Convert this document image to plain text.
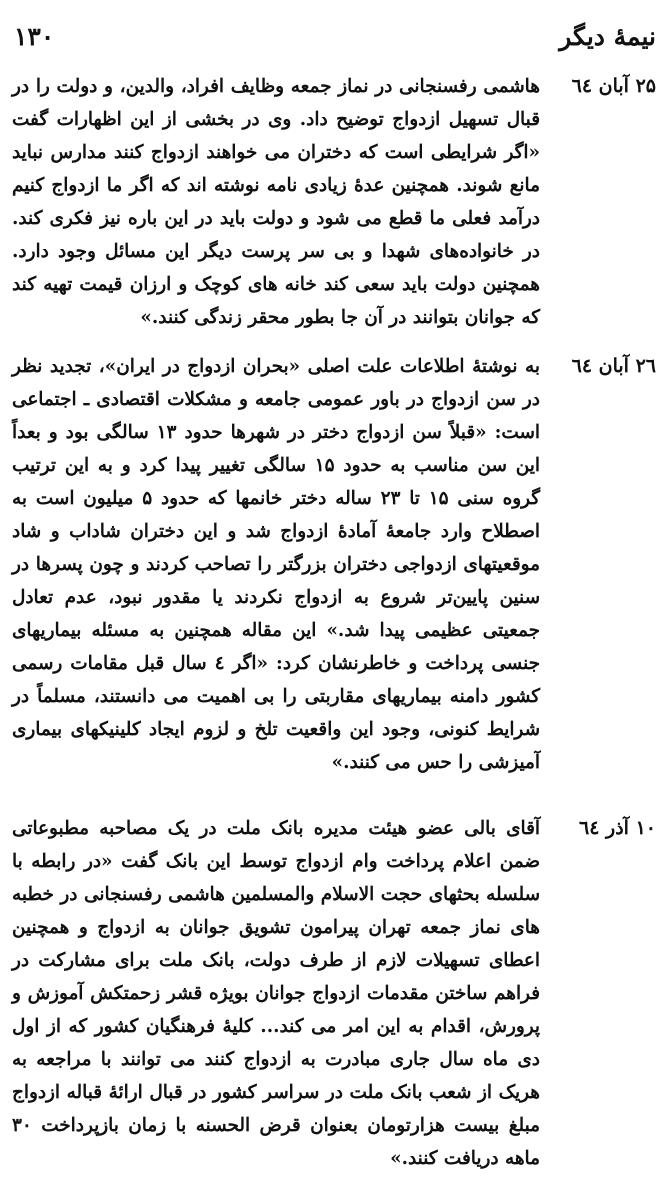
نیمهٔ دیگر
۱۳۰
۲۵ آبان ٦٤
هاشمی رفسنجانی در نماز جمعه وظایف افراد، والدین، و دولت را در قبال تسهیل ازدواج توضیح داد. وی در بخشی از این اظهارات گفت «اگر شرایطی است که دختران می خواهند ازدواج کنند مدارس نباید مانع شوند. همچنین عدهٔ زیادی نامه نوشته اند که اگر ما ازدواج کنیم درآمد فعلی ما قطع می شود و دولت باید در این باره نیز فکری کند. در خانواده‌های شهدا و بی سر پرست دیگر این مسائل وجود دارد. همچنین دولت باید سعی کند خانه های کوچک و ارزان قیمت تهیه کند که جوانان بتوانند در آن جا بطور محقر زندگی کنند.»
۲٦ آبان ٦٤
به نوشتهٔ اطلاعات علت اصلی «بحران ازدواج در ایران»، تجدید نظر در سن ازدواج در باور عمومی جامعه و مشکلات اقتصادی ـ اجتماعی است: «قبلاً سن ازدواج دختر در شهرها حدود ۱۳ سالگی بود و بعداً این سن مناسب به حدود ۱۵ سالگی تغییر پیدا کرد و به این ترتیب گروه سنی ۱۵ تا ۲۳ ساله دختر خانمها که حدود ۵ میلیون است به اصطلاح وارد جامعهٔ آمادهٔ ازدواج شد و این دختران شاداب و شاد موقعیتهای ازدواجی دختران بزرگتر را تصاحب کردند و چون پسرها در سنین پایین‌تر شروع به ازدواج نکردند یا مقدور نبود، عدم تعادل جمعیتی عظیمی پیدا شد.» این مقاله همچنین به مسئله بیماریهای جنسی پرداخت و خاطرنشان کرد: «اگر ٤ سال قبل مقامات رسمی کشور دامنه بیماریهای مقاربتی را بی اهمیت می دانستند، مسلماً در شرایط کنونی، وجود این واقعیت تلخ و لزوم ایجاد کلینیکهای بیماری آمیزشی را حس می کنند.»
۱۰ آذر ٦٤
آقای بالی عضو هیئت مدیره بانک ملت در یک مصاحبه مطبوعاتی ضمن اعلام پرداخت وام ازدواج توسط این بانک گفت «در رابطه با سلسله بحثهای حجت الاسلام والمسلمین هاشمی رفسنجانی در خطبه های نماز جمعه تهران پیرامون تشویق جوانان به ازدواج و همچنین اعطای تسهیلات لازم از طرف دولت، بانک ملت برای مشارکت در فراهم ساختن مقدمات ازدواج جوانان بویژه قشر زحمتکش آموزش و پرورش، اقدام به این امر می کند... کلیهٔ فرهنگیان کشور که از اول دی ماه سال جاری مبادرت به ازدواج کنند می توانند با مراجعه به هریک از شعب بانک ملت در سراسر کشور در قبال ارائهٔ قباله ازدواج مبلغ بیست هزارتومان بعنوان قرض الحسنه با زمان بازپرداخت ۳۰ ماهه دریافت کنند.»
